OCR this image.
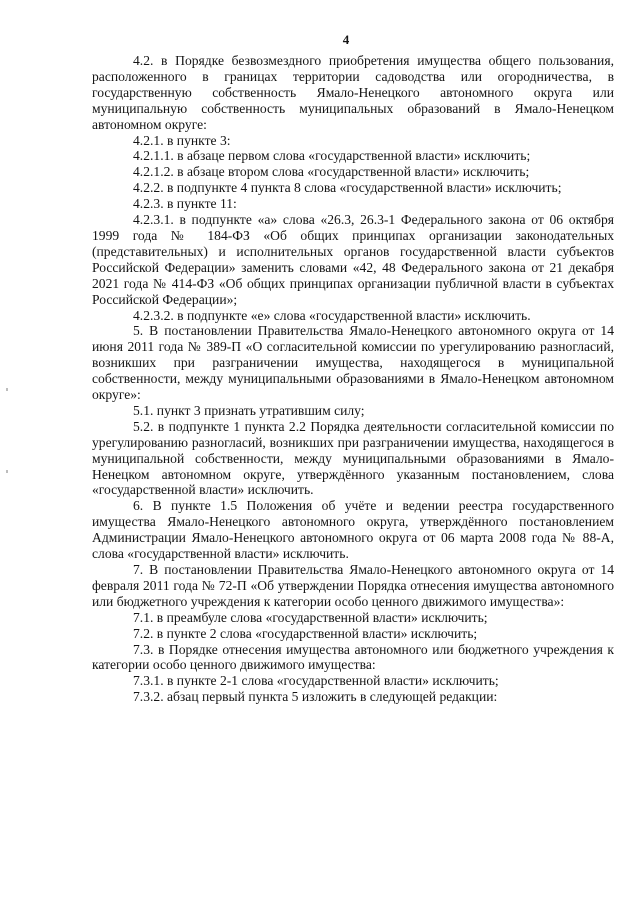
4

4.2. в Порядке безвозмездного приобретения имущества общего пользования, расположенного в границах территории садоводства или огородничества, в государственную собственность Ямало-Ненецкого автономного округа или муниципальную собственность муниципальных образований в Ямало-Ненецком автономном округе:

4.2.1. в пункте 3:

4.2.1.1. в абзаце первом слова «государственной власти» исключить;

4.2.1.2. в абзаце втором слова «государственной власти» исключить;

4.2.2. в подпункте 4 пункта 8 слова «государственной власти» исключить;

4.2.3. в пункте 11:

4.2.3.1. в подпункте «а» слова «26.3, 26.3-1 Федерального закона от 06 октября 1999 года № 184-ФЗ «Об общих принципах организации законодательных (представительных) и исполнительных органов государственной власти субъектов Российской Федерации» заменить словами «42, 48 Федерального закона от 21 декабря 2021 года № 414-ФЗ «Об общих принципах организации публичной власти в субъектах Российской Федерации»;

4.2.3.2. в подпункте «е» слова «государственной власти» исключить.

5. В постановлении Правительства Ямало-Ненецкого автономного округа от 14 июня 2011 года № 389-П «О согласительной комиссии по урегулированию разногласий, возникших при разграничении имущества, находящегося в муниципальной собственности, между муниципальными образованиями в Ямало-Ненецком автономном округе»:

5.1. пункт 3 признать утратившим силу;

5.2. в подпункте 1 пункта 2.2 Порядка деятельности согласительной комиссии по урегулированию разногласий, возникших при разграничении имущества, находящегося в муниципальной собственности, между муниципальными образованиями в Ямало-Ненецком автономном округе, утверждённого указанным постановлением, слова «государственной власти» исключить.

6. В пункте 1.5 Положения об учёте и ведении реестра государственного имущества Ямало-Ненецкого автономного округа, утверждённого постановлением Администрации Ямало-Ненецкого автономного округа от 06 марта 2008 года № 88-А, слова «государственной власти» исключить.

7. В постановлении Правительства Ямало-Ненецкого автономного округа от 14 февраля 2011 года № 72-П «Об утверждении Порядка отнесения имущества автономного или бюджетного учреждения к категории особо ценного движимого имущества»:

7.1. в преамбуле слова «государственной власти» исключить;

7.2. в пункте 2 слова «государственной власти» исключить;

7.3. в Порядке отнесения имущества автономного или бюджетного учреждения к категории особо ценного движимого имущества:

7.3.1. в пункте 2-1 слова «государственной власти» исключить;

7.3.2. абзац первый пункта 5 изложить в следующей редакции:
